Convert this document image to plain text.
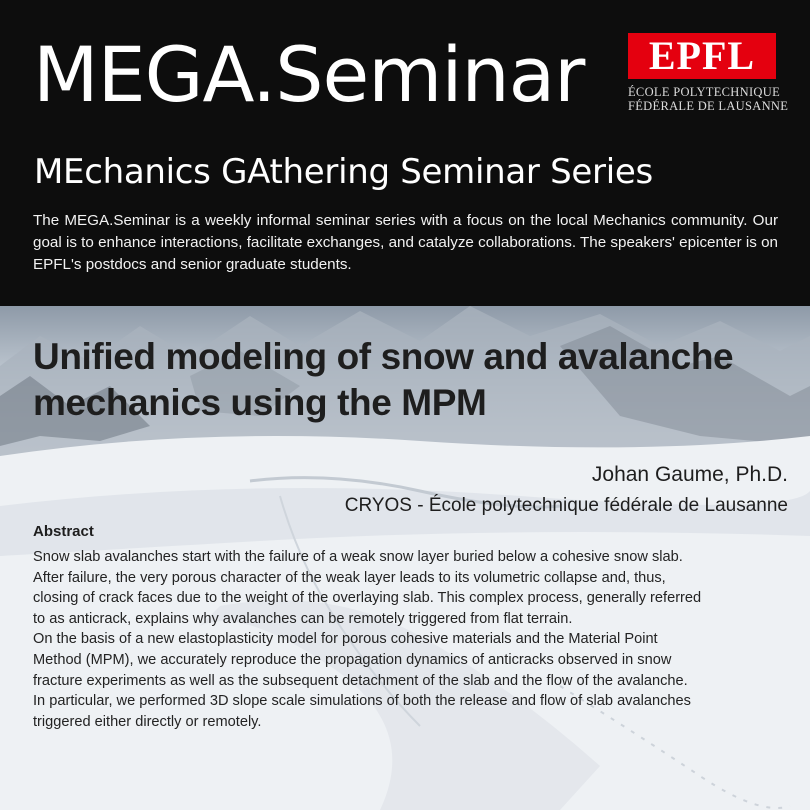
MEGA.Seminar EPFL
ÉCOLE POLYTECHNIQUE
FÉDÉRALE DE LAUSANNE
MEchanics GAthering Seminar Series
The MEGA.Seminar is a weekly informal seminar series with a focus on the local Mechanics community. Our goal is to enhance interactions, facilitate exchanges, and catalyze collaborations. The speakers' epicenter is on EPFL's postdocs and senior graduate students.
Unified modeling of snow and avalanche mechanics using the MPM
Johan Gaume, Ph.D.
CRYOS - École polytechnique fédérale de Lausanne
Abstract

Snow slab avalanches start with the failure of a weak snow layer buried below a cohesive snow slab.

After failure, the very porous character of the weak layer leads to its volumetric collapse and, thus,

closing of crack faces due to the weight of the overlaying slab. This complex process, generally referred

to as anticrack, explains why avalanches can be remotely triggered from flat terrain.

On the basis of a new elastoplasticity model for porous cohesive materials and the Material Point

Method (MPM), we accurately reproduce the propagation dynamics of anticracks observed in snow

fracture experiments as well as the subsequent detachment of the slab and the flow of the avalanche.

In particular, we performed 3D slope scale simulations of both the release and flow of slab avalanches

triggered either directly or remotely.
